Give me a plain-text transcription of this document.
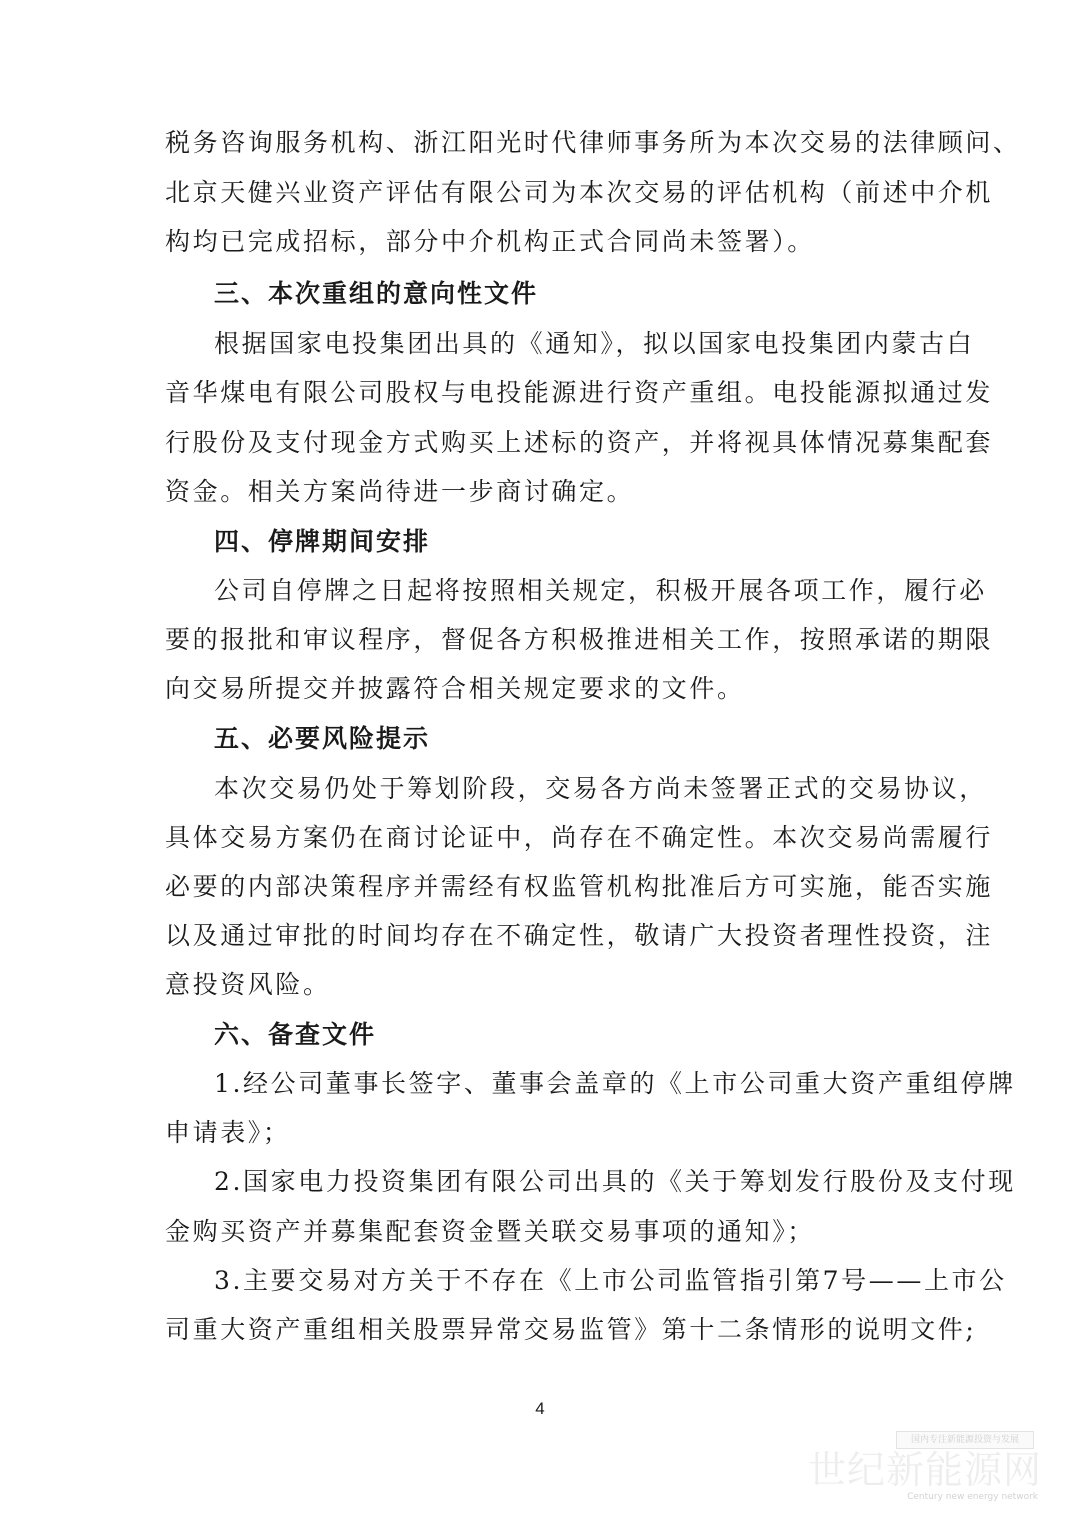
税务咨询服务机构、浙江阳光时代律师事务所为本次交易的法律顾问、
北京天健兴业资产评估有限公司为本次交易的评估机构（前述中介机
构均已完成招标，部分中介机构正式合同尚未签署）。
三、本次重组的意向性文件
根据国家电投集团出具的《通知》，拟以国家电投集团内蒙古白
音华煤电有限公司股权与电投能源进行资产重组。电投能源拟通过发
行股份及支付现金方式购买上述标的资产，并将视具体情况募集配套
资金。相关方案尚待进一步商讨确定。
四、停牌期间安排
公司自停牌之日起将按照相关规定，积极开展各项工作，履行必
要的报批和审议程序，督促各方积极推进相关工作，按照承诺的期限
向交易所提交并披露符合相关规定要求的文件。
五、必要风险提示
本次交易仍处于筹划阶段，交易各方尚未签署正式的交易协议，
具体交易方案仍在商讨论证中，尚存在不确定性。本次交易尚需履行
必要的内部决策程序并需经有权监管机构批准后方可实施，能否实施
以及通过审批的时间均存在不确定性，敬请广大投资者理性投资，注
意投资风险。
六、备查文件
1.经公司董事长签字、董事会盖章的《上市公司重大资产重组停牌
申请表》；
2.国家电力投资集团有限公司出具的《关于筹划发行股份及支付现
金购买资产并募集配套资金暨关联交易事项的通知》；
3.主要交易对方关于不存在《上市公司监管指引第7号——上市公
司重大资产重组相关股票异常交易监管》第十二条情形的说明文件;
4
国内专注新能源投资与发展
世纪新能源网
Century new energy network
